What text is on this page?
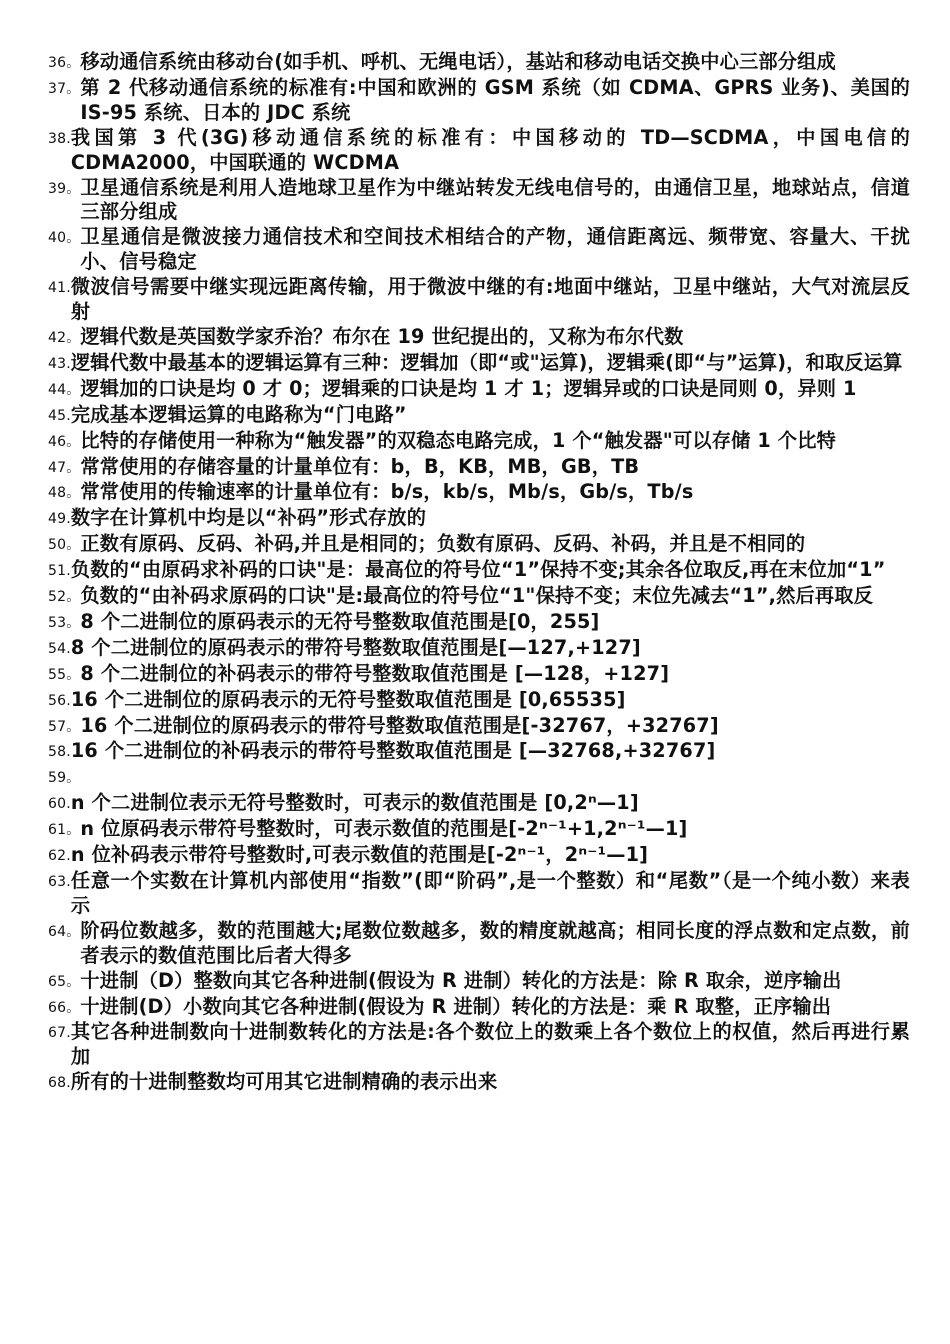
36。 移动通信系统由移动台(如手机、呼机、无绳电话），基站和移动电话交换中心三部分组成
37。 第 2 代移动通信系统的标准有:中国和欧洲的 GSM 系统（如 CDMA、GPRS 业务)、美国的 IS-95 系统、日本的 JDC 系统
38. 我国第 3 代(3G)移动通信系统的标准有：中国移动的 TD—SCDMA，中国电信的CDMA2000，中国联通的 WCDMA
39。 卫星通信系统是利用人造地球卫星作为中继站转发无线电信号的，由通信卫星，地球站点，信道三部分组成
40。 卫星通信是微波接力通信技术和空间技术相结合的产物，通信距离远、频带宽、容量大、干扰小、信号稳定
41. 微波信号需要中继实现远距离传输，用于微波中继的有:地面中继站，卫星中继站，大气对流层反射
42。 逻辑代数是英国数学家乔治？布尔在 19 世纪提出的，又称为布尔代数
43. 逻辑代数中最基本的逻辑运算有三种：逻辑加（即“或"运算)，逻辑乘(即“与”运算)，和取反运算
44。 逻辑加的口诀是均 0 才 0；逻辑乘的口诀是均 1 才 1；逻辑异或的口诀是同则 0，异则 1
45. 完成基本逻辑运算的电路称为“门电路”
46。 比特的存储使用一种称为“触发器”的双稳态电路完成，1 个“触发器"可以存储 1 个比特
47。 常常使用的存储容量的计量单位有：b，B，KB，MB，GB，TB
48。 常常使用的传输速率的计量单位有：b/s，kb/s，Mb/s，Gb/s，Tb/s
49. 数字在计算机中均是以“补码”形式存放的
50。 正数有原码、反码、补码,并且是相同的；负数有原码、反码、补码，并且是不相同的
51. 负数的“由原码求补码的口诀"是：最高位的符号位“1”保持不变;其余各位取反,再在末位加“1”
52。 负数的“由补码求原码的口诀"是:最高位的符号位“1"保持不变；末位先减去“1”,然后再取反
53。 8 个二进制位的原码表示的无符号整数取值范围是[0，255]
54. 8 个二进制位的原码表示的带符号整数取值范围是[—127,+127]
55。 8 个二进制位的补码表示的带符号整数取值范围是 [—128，+127]
56. 16 个二进制位的原码表示的无符号整数取值范围是 [0,65535]
57。 16 个二进制位的原码表示的带符号整数取值范围是[-32767，+32767]
58. 16 个二进制位的补码表示的带符号整数取值范围是 [—32768,+32767]
59。
60. n 个二进制位表示无符号整数时，可表示的数值范围是 [0,2ⁿ—1]
61。 n 位原码表示带符号整数时，可表示数值的范围是[-2ⁿ⁻¹+1,2ⁿ⁻¹—1]
62. n 位补码表示带符号整数时,可表示数值的范围是[-2ⁿ⁻¹，2ⁿ⁻¹—1]
63. 任意一个实数在计算机内部使用“指数”(即“阶码”,是一个整数）和“尾数”（是一个纯小数）来表示
64。 阶码位数越多，数的范围越大;尾数位数越多，数的精度就越高；相同长度的浮点数和定点数，前者表示的数值范围比后者大得多
65。 十进制（D）整数向其它各种进制(假设为 R 进制）转化的方法是：除 R 取余，逆序输出
66。 十进制(D）小数向其它各种进制(假设为 R 进制）转化的方法是：乘 R 取整，正序输出
67. 其它各种进制数向十进制数转化的方法是:各个数位上的数乘上各个数位上的权值，然后再进行累加
68. 所有的十进制整数均可用其它进制精确的表示出来
